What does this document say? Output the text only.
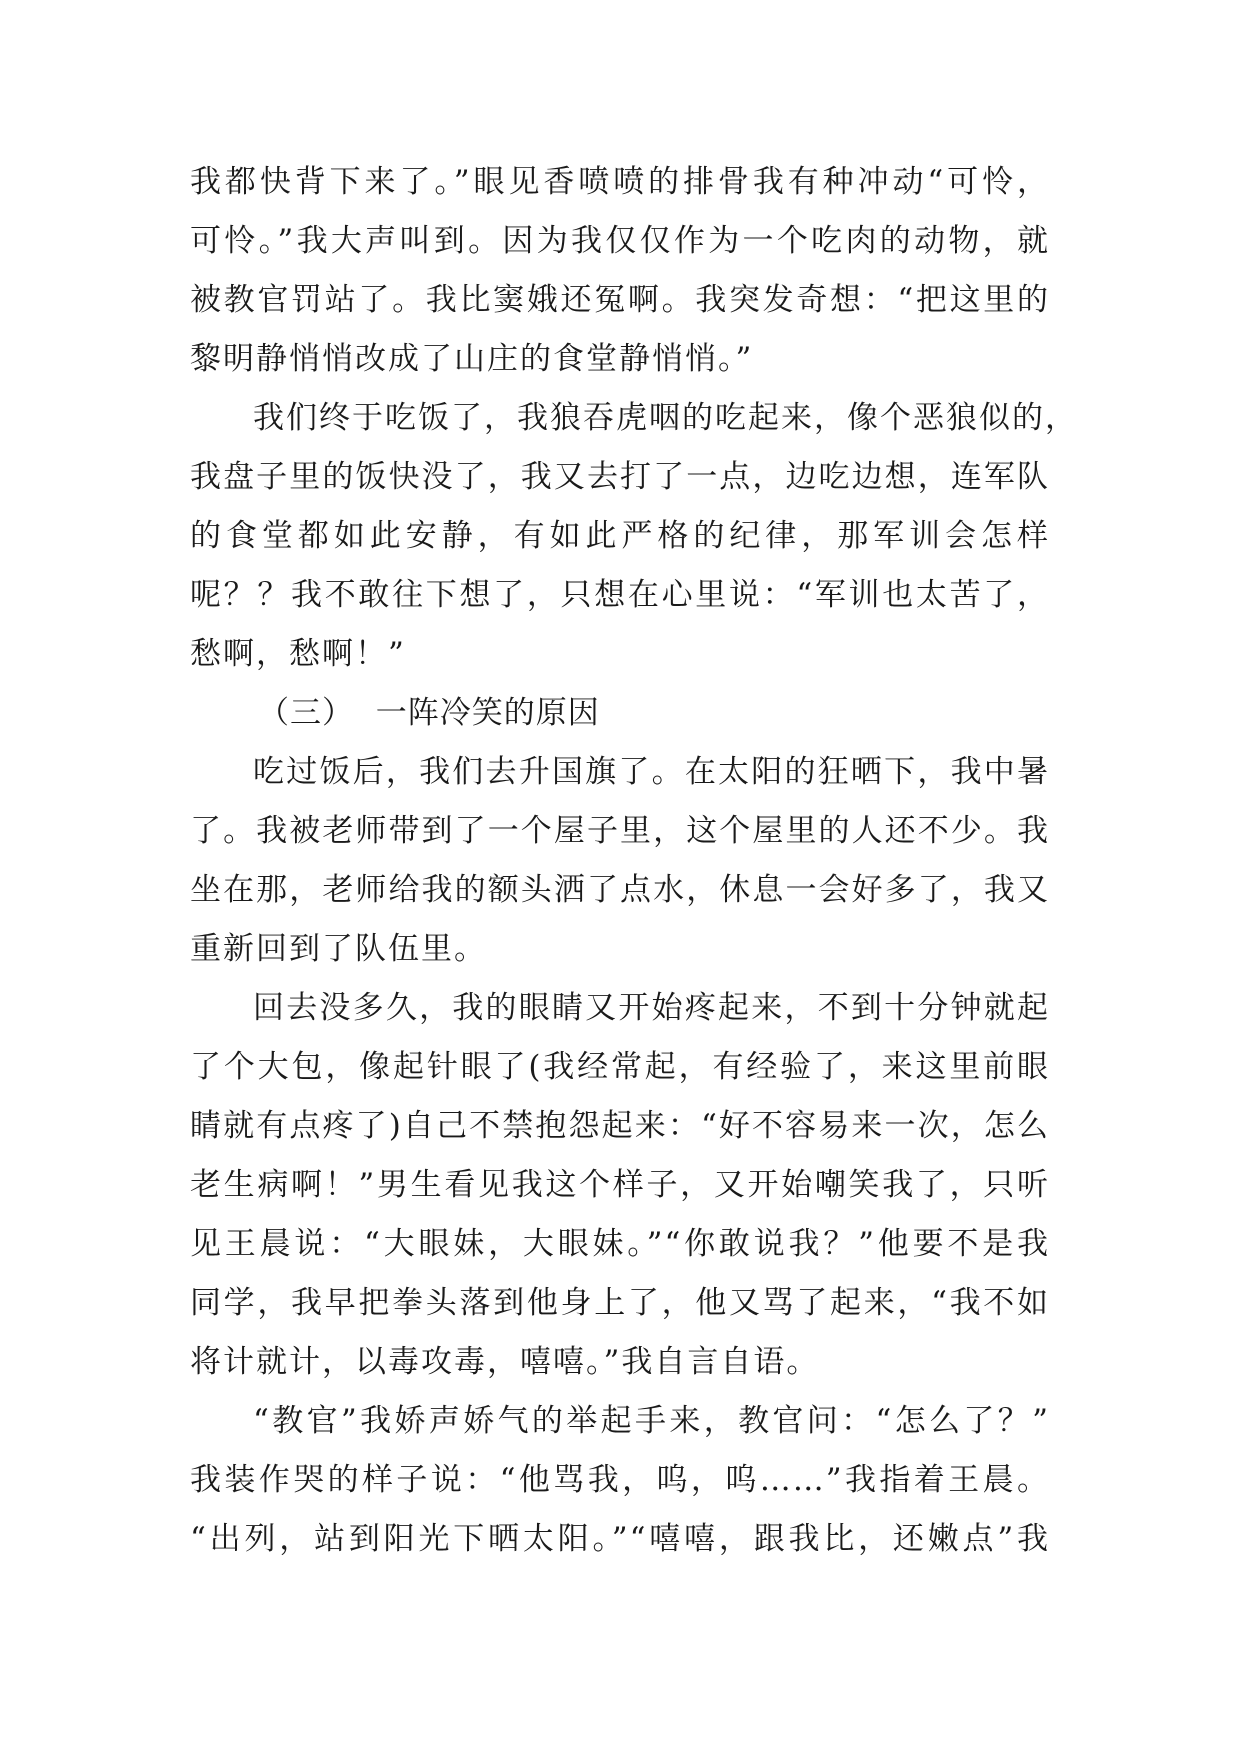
我都快背下来了。”眼见香喷喷的排骨我有种冲动“可怜，
可怜。”我大声叫到。因为我仅仅作为一个吃肉的动物，就
被教官罚站了。我比窦娥还冤啊。我突发奇想：“把这里的
黎明静悄悄改成了山庄的食堂静悄悄。”
我们终于吃饭了，我狼吞虎咽的吃起来，像个恶狼似的，
我盘子里的饭快没了，我又去打了一点，边吃边想，连军队
的食堂都如此安静，有如此严格的纪律，那军训会怎样
呢？？我不敢往下想了，只想在心里说：“军训也太苦了，
愁啊，愁啊！”
（三）  一阵冷笑的原因
吃过饭后，我们去升国旗了。在太阳的狂晒下，我中暑
了。我被老师带到了一个屋子里，这个屋里的人还不少。我
坐在那，老师给我的额头洒了点水，休息一会好多了，我又
重新回到了队伍里。
回去没多久，我的眼睛又开始疼起来，不到十分钟就起
了个大包，像起针眼了(我经常起，有经验了，来这里前眼
睛就有点疼了)自己不禁抱怨起来：“好不容易来一次，怎么
老生病啊！”男生看见我这个样子，又开始嘲笑我了，只听
见王晨说：“大眼妹，大眼妹。”“你敢说我？”他要不是我
同学，我早把拳头落到他身上了，他又骂了起来，“我不如
将计就计，以毒攻毒，嘻嘻。”我自言自语。
“教官”我娇声娇气的举起手来，教官问：“怎么了？”
我装作哭的样子说：“他骂我，呜，呜……”我指着王晨。
“出列，站到阳光下晒太阳。”“嘻嘻，跟我比，还嫩点”我
